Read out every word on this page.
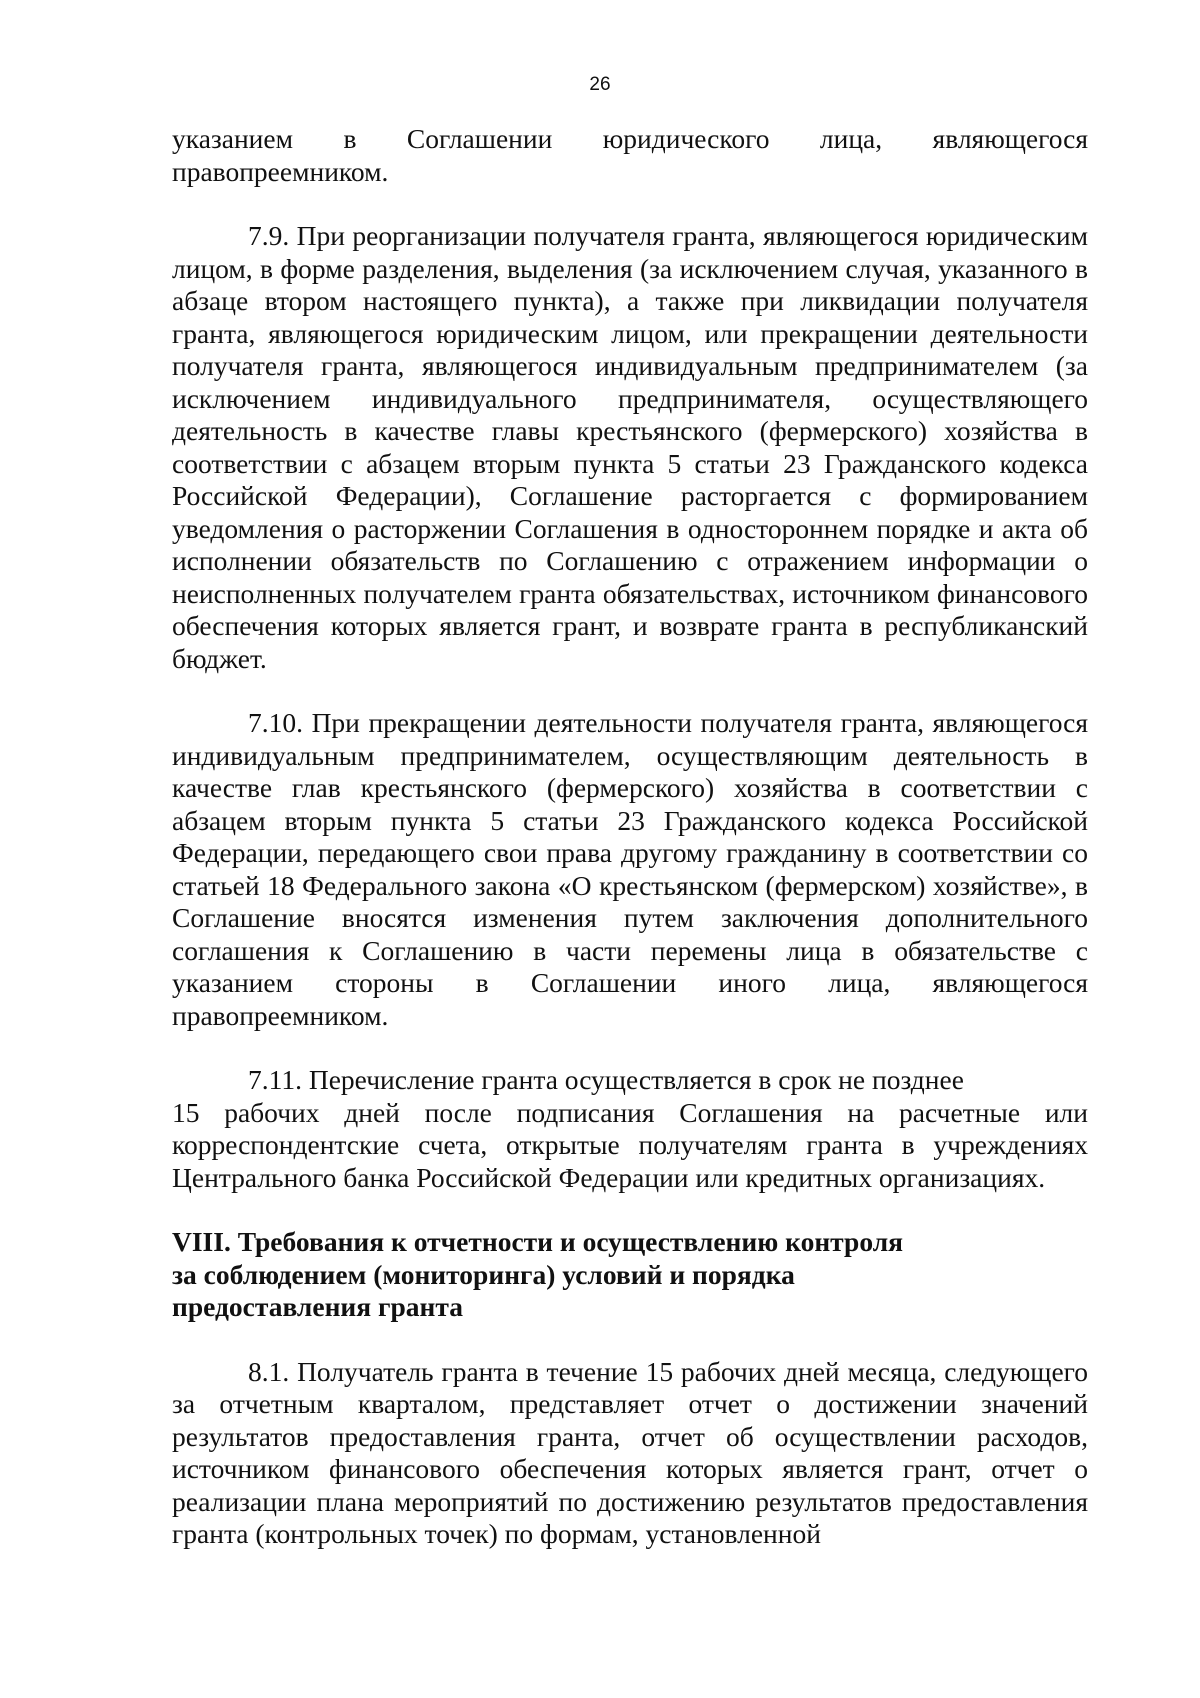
26

указанием в Соглашении юридического лица, являющегося правопреемником.

7.9. При реорганизации получателя гранта, являющегося юридическим лицом, в форме разделения, выделения (за исключением случая, указанного в абзаце втором настоящего пункта), а также при ликвидации получателя гранта, являющегося юридическим лицом, или прекращении деятельности получателя гранта, являющегося индивидуальным предпринимателем (за исключением индивидуального предпринимателя, осуществляющего деятельность в качестве главы крестьянского (фермерского) хозяйства в соответствии с абзацем вторым пункта 5 статьи 23 Гражданского кодекса Российской Федерации), Соглашение расторгается с формированием уведомления о расторжении Соглашения в одностороннем порядке и акта об исполнении обязательств по Соглашению с отражением информации о неисполненных получателем гранта обязательствах, источником финансового обеспечения которых является грант, и возврате гранта в республиканский бюджет.

7.10. При прекращении деятельности получателя гранта, являющегося индивидуальным предпринимателем, осуществляющим деятельность в качестве глав крестьянского (фермерского) хозяйства в соответствии с абзацем вторым пункта 5 статьи 23 Гражданского кодекса Российской Федерации, передающего свои права другому гражданину в соответствии со статьей 18 Федерального закона «О крестьянском (фермерском) хозяйстве», в Соглашение вносятся изменения путем заключения дополнительного соглашения к Соглашению в части перемены лица в обязательстве с указанием стороны в Соглашении иного лица, являющегося правопреемником.

7.11. Перечисление гранта осуществляется в срок не позднее

15 рабочих дней после подписания Соглашения на расчетные или корреспондентские счета, открытые получателям гранта в учреждениях Центрального банка Российской Федерации или кредитных организациях.

VIII. Требования к отчетности и осуществлению контроля

за соблюдением (мониторинга) условий и порядка

предоставления гранта

8.1. Получатель гранта в течение 15 рабочих дней месяца, следующего за отчетным кварталом, представляет отчет о достижении значений результатов предоставления гранта, отчет об осуществлении расходов, источником финансового обеспечения которых является грант, отчет о реализации плана мероприятий по достижению результатов предоставления гранта (контрольных точек) по формам, установленной
